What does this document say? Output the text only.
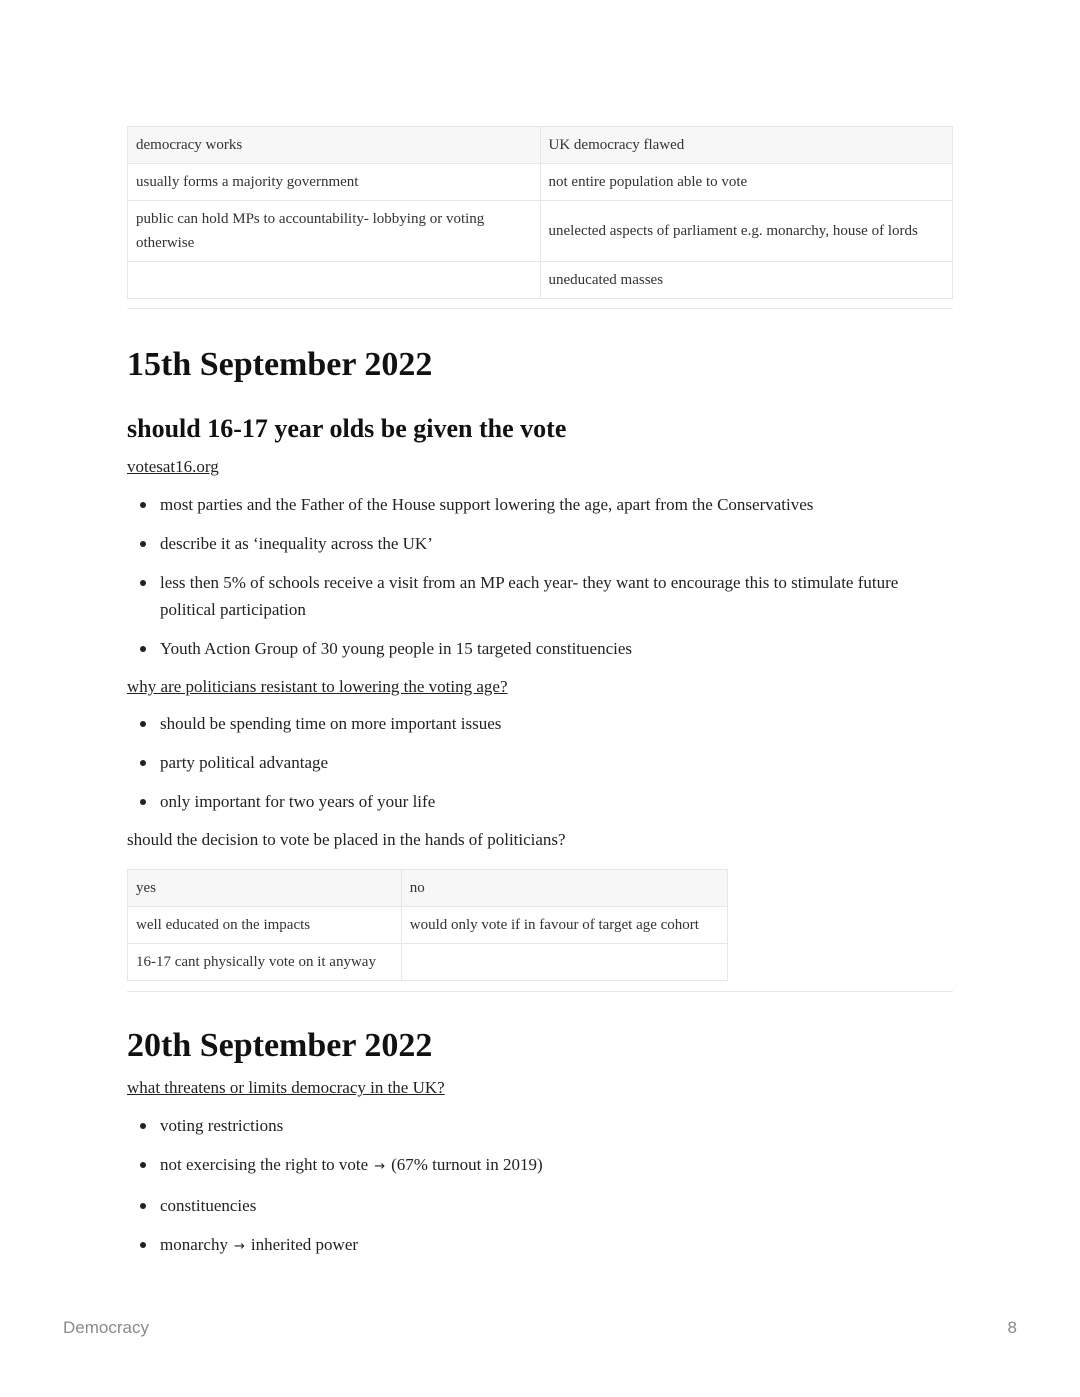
democracy works	UK democracy flawed
usually forms a majority government	not entire population able to vote
public can hold MPs to accountability- lobbying or voting otherwise	unelected aspects of parliament e.g. monarchy, house of lords
	uneducated masses
15th September 2022
should 16-17 year olds be given the vote
votesat16.org
most parties and the Father of the House support lowering the age, apart from the Conservatives
describe it as ‘inequality across the UK’
less then 5% of schools receive a visit from an MP each year- they want to encourage this to stimulate future political participation
Youth Action Group of 30 young people in 15 targeted constituencies
why are politicians resistant to lowering the voting age?
should be spending time on more important issues
party political advantage
only important for two years of your life
should the decision to vote be placed in the hands of politicians?
yes	no
well educated on the impacts	would only vote if in favour of target age cohort
16-17 cant physically vote on it anyway	
20th September 2022
what threatens or limits democracy in the UK?
voting restrictions
not exercising the right to vote → (67% turnout in 2019)
constituencies
monarchy → inherited power
Democracy	8
